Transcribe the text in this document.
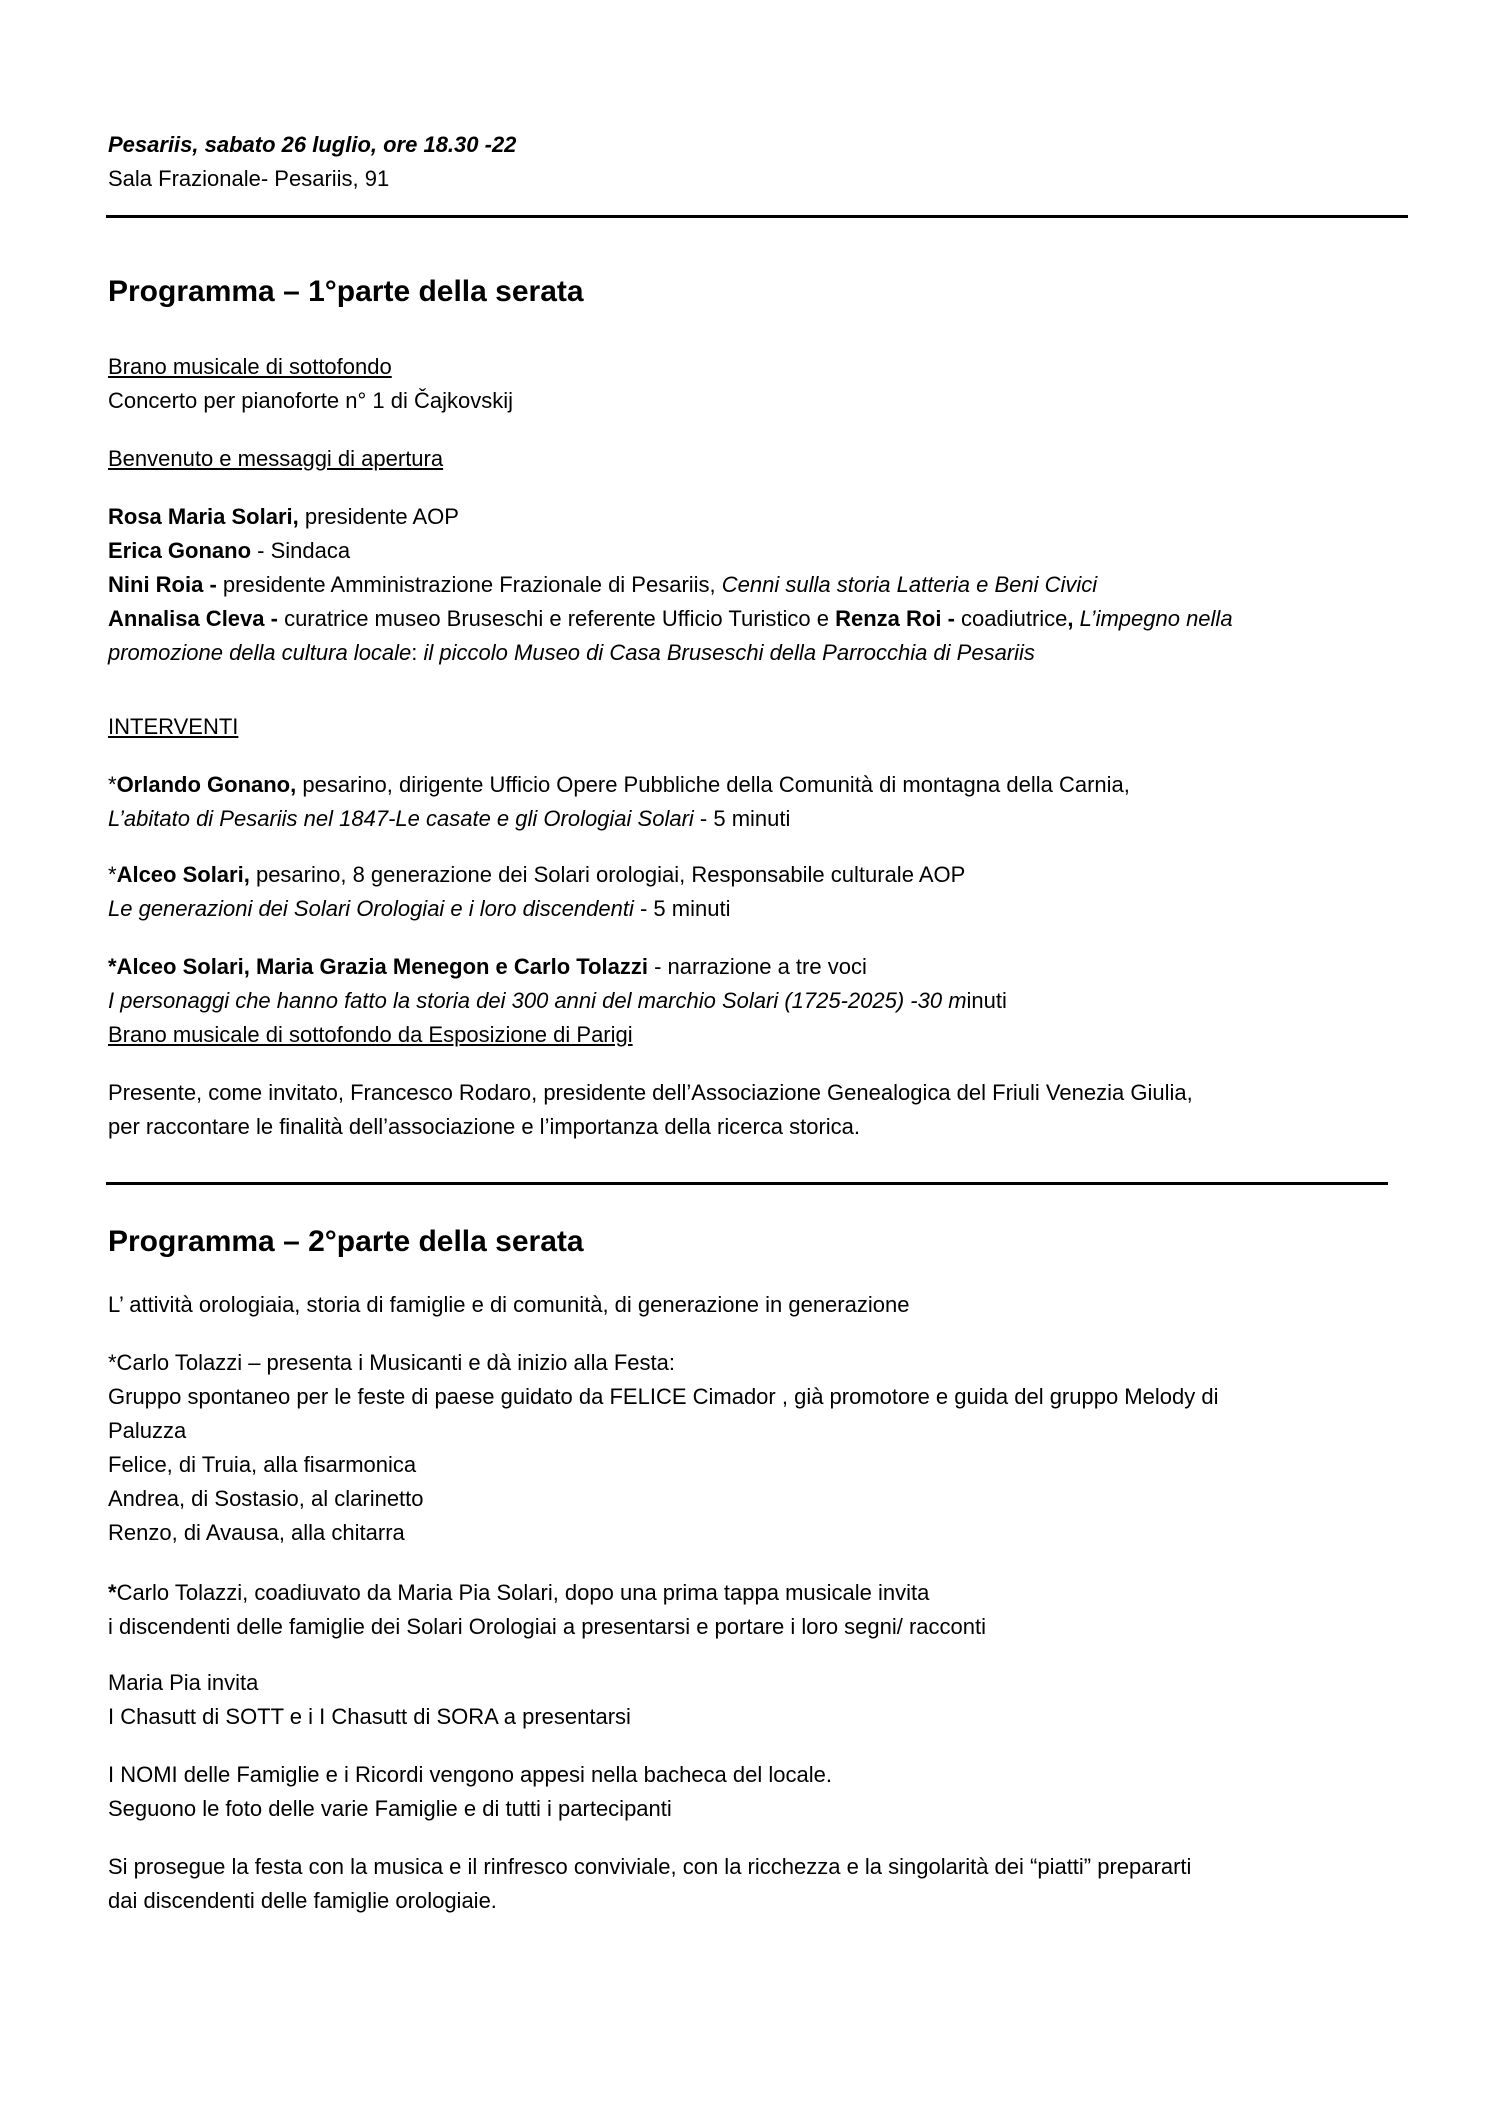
Pesariis, sabato 26 luglio, ore 18.30 -22
Sala Frazionale- Pesariis, 91
Programma – 1°parte della serata
Brano musicale di sottofondo
Concerto per pianoforte n° 1 di Čajkovskij
Benvenuto e messaggi di apertura
Rosa Maria Solari, presidente AOP
Erica Gonano - Sindaca
Nini Roia - presidente Amministrazione Frazionale di Pesariis, Cenni sulla storia Latteria e Beni Civici
Annalisa Cleva - curatrice museo Bruseschi e referente Ufficio Turistico e Renza Roi - coadiutrice, L’impegno nella
promozione della cultura locale: il piccolo Museo di Casa Bruseschi della Parrocchia di Pesariis
INTERVENTI
*Orlando Gonano, pesarino, dirigente Ufficio Opere Pubbliche della Comunità di montagna della Carnia,
L’abitato di Pesariis nel 1847-Le casate e gli Orologiai Solari - 5 minuti
*Alceo Solari, pesarino, 8 generazione dei Solari orologiai, Responsabile culturale AOP
Le generazioni dei Solari Orologiai e i loro discendenti - 5 minuti
*Alceo Solari, Maria Grazia Menegon e Carlo Tolazzi - narrazione a tre voci
I personaggi che hanno fatto la storia dei 300 anni del marchio Solari (1725-2025) -30 minuti
Brano musicale di sottofondo da Esposizione di Parigi
Presente, come invitato, Francesco Rodaro, presidente dell’Associazione Genealogica del Friuli Venezia Giulia,
per raccontare le finalità dell’associazione e l’importanza della ricerca storica.
Programma – 2°parte della serata
L’ attività orologiaia, storia di famiglie e di comunità, di generazione in generazione
*Carlo Tolazzi – presenta i Musicanti e dà inizio alla Festa:
Gruppo spontaneo per le feste di paese guidato da FELICE Cimador , già promotore e guida del gruppo Melody di
Paluzza
Felice, di Truia, alla fisarmonica
Andrea, di Sostasio, al clarinetto
Renzo, di Avausa, alla chitarra
*Carlo Tolazzi, coadiuvato da Maria Pia Solari, dopo una prima tappa musicale invita
i discendenti delle famiglie dei Solari Orologiai a presentarsi e portare i loro segni/ racconti
Maria Pia invita
I Chasutt di SOTT e i I Chasutt di SORA a presentarsi
I NOMI delle Famiglie e i Ricordi vengono appesi nella bacheca del locale.
Seguono le foto delle varie Famiglie e di tutti i partecipanti
Si prosegue la festa con la musica e il rinfresco conviviale, con la ricchezza e la singolarità dei “piatti” prepararti
dai discendenti delle famiglie orologiaie.
